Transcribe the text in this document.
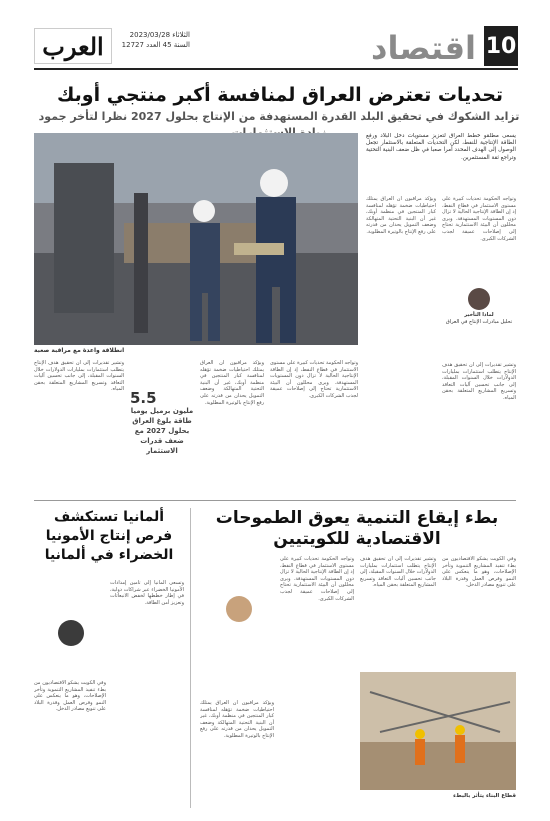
10
اقتصاد
العرب	الثلاثاء 2023/03/28
السنة 45 العدد 12727
تحديات تعترض العراق لمنافسة أكبر منتجي أوبك
تزايد الشكوك في تحقيق البلد القدرة المستهدفة من الإنتاج بحلول 2027 نظرا لتأخر جمود
انطلاقة واعدة مع مراقبة صعبة
يسعى مطلقو خطط العراق لتعزيز مستويات دخل البلاد ورفع الطاقة الإنتاجية للنفط، لكن التحديات المتعلقة بالاستثمار تجعل الوصول إلى الهدف المحدد أمرا صعبا في ظل ضعف البنية التحتية وتراجع ثقة المستثمرين.
وتواجه الحكومة تحديات كبيرة على مستوى الاستثمار في قطاع النفط، إذ إن الطاقة الإنتاجية الحالية لا تزال دون المستويات المستهدفة. ويرى محللون أن البيئة الاستثمارية تحتاج إلى إصلاحات عميقة لجذب الشركات الكبرى.
ويؤكد مراقبون أن العراق يمتلك احتياطيات ضخمة تؤهله لمنافسة كبار المنتجين في منظمة أوبك، غير أن البنية التحتية المتهالكة وضعف التمويل يحدان من قدرته على رفع الإنتاج بالوتيرة المطلوبة.
لماذا التأخير
تحليل مبادرات الإنتاج في العراق
وتشير تقديرات إلى أن تحقيق هدف الإنتاج يتطلب استثمارات بمليارات الدولارات خلال السنوات المقبلة، إلى جانب تحسين آليات التعاقد وتسريع المشاريع المتعلقة بحقن المياه.
وتواجه الحكومة تحديات كبيرة على مستوى الاستثمار في قطاع النفط، إذ إن الطاقة الإنتاجية الحالية لا تزال دون المستويات المستهدفة. ويرى محللون أن البيئة الاستثمارية تحتاج إلى إصلاحات عميقة لجذب الشركات الكبرى.
ويؤكد مراقبون أن العراق يمتلك احتياطيات ضخمة تؤهله لمنافسة كبار المنتجين في منظمة أوبك، غير أن البنية التحتية المتهالكة وضعف التمويل يحدان من قدرته على رفع الإنتاج بالوتيرة المطلوبة.
5.5
مليون برميل يوميا طاقة بلوغ العراق بحلول 2027 مع ضعف قدرات الاستثمار
وتشير تقديرات إلى أن تحقيق هدف الإنتاج يتطلب استثمارات بمليارات الدولارات خلال السنوات المقبلة، إلى جانب تحسين آليات التعاقد وتسريع المشاريع المتعلقة بحقن المياه.
بطء إيقاع التنمية يعوق الطموحات الاقتصادية للكويتيين
وفي الكويت يشكو الاقتصاديون من بطء تنفيذ المشاريع التنموية وتأخر الإصلاحات، وهو ما ينعكس على النمو وفرص العمل وقدرة البلاد على تنويع مصادر الدخل.
وتشير تقديرات إلى أن تحقيق هدف الإنتاج يتطلب استثمارات بمليارات الدولارات خلال السنوات المقبلة، إلى جانب تحسين آليات التعاقد وتسريع المشاريع المتعلقة بحقن المياه.
وتواجه الحكومة تحديات كبيرة على مستوى الاستثمار في قطاع النفط، إذ إن الطاقة الإنتاجية الحالية لا تزال دون المستويات المستهدفة. ويرى محللون أن البيئة الاستثمارية تحتاج إلى إصلاحات عميقة لجذب الشركات الكبرى.
ويؤكد مراقبون أن العراق يمتلك احتياطيات ضخمة تؤهله لمنافسة كبار المنتجين في منظمة أوبك، غير أن البنية التحتية المتهالكة وضعف التمويل يحدان من قدرته على رفع الإنتاج بالوتيرة المطلوبة.
قطاع البناء يتأثر بالبطء
ألمانيا تستكشف فرص إنتاج الأمونيا الخضراء في ألمانيا
وتسعى ألمانيا إلى تأمين إمدادات الأمونيا الخضراء عبر شراكات دولية، في إطار خططها لخفض الانبعاثات وتعزيز أمن الطاقة.
وفي الكويت يشكو الاقتصاديون من بطء تنفيذ المشاريع التنموية وتأخر الإصلاحات، وهو ما ينعكس على النمو وفرص العمل وقدرة البلاد على تنويع مصادر الدخل.
